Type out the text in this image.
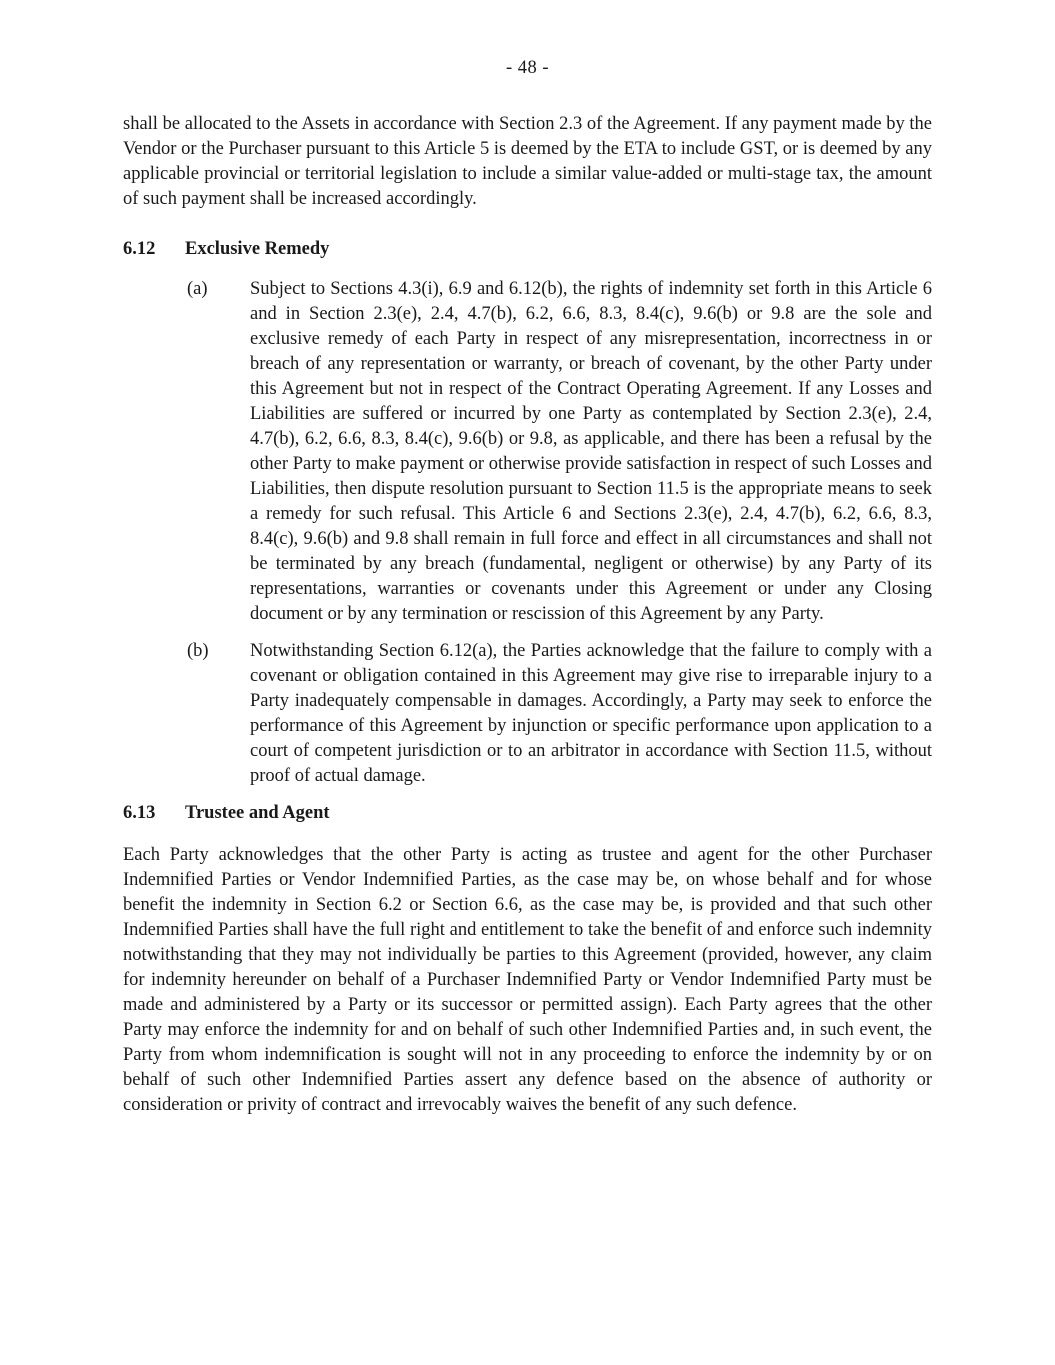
- 48 -

shall be allocated to the Assets in accordance with Section 2.3 of the Agreement. If any payment made by the Vendor or the Purchaser pursuant to this Article 5 is deemed by the ETA to include GST, or is deemed by any applicable provincial or territorial legislation to include a similar value-added or multi-stage tax, the amount of such payment shall be increased accordingly.

6.12 Exclusive Remedy
(a) Subject to Sections 4.3(i), 6.9 and 6.12(b), the rights of indemnity set forth in this Article 6 and in Section 2.3(e), 2.4, 4.7(b), 6.2, 6.6, 8.3, 8.4(c), 9.6(b) or 9.8 are the sole and exclusive remedy of each Party in respect of any misrepresentation, incorrectness in or breach of any representation or warranty, or breach of covenant, by the other Party under this Agreement but not in respect of the Contract Operating Agreement. If any Losses and Liabilities are suffered or incurred by one Party as contemplated by Section 2.3(e), 2.4, 4.7(b), 6.2, 6.6, 8.3, 8.4(c), 9.6(b) or 9.8, as applicable, and there has been a refusal by the other Party to make payment or otherwise provide satisfaction in respect of such Losses and Liabilities, then dispute resolution pursuant to Section 11.5 is the appropriate means to seek a remedy for such refusal. This Article 6 and Sections 2.3(e), 2.4, 4.7(b), 6.2, 6.6, 8.3, 8.4(c), 9.6(b) and 9.8 shall remain in full force and effect in all circumstances and shall not be terminated by any breach (fundamental, negligent or otherwise) by any Party of its representations, warranties or covenants under this Agreement or under any Closing document or by any termination or rescission of this Agreement by any Party.

(b) Notwithstanding Section 6.12(a), the Parties acknowledge that the failure to comply with a covenant or obligation contained in this Agreement may give rise to irreparable injury to a Party inadequately compensable in damages. Accordingly, a Party may seek to enforce the performance of this Agreement by injunction or specific performance upon application to a court of competent jurisdiction or to an arbitrator in accordance with Section 11.5, without proof of actual damage.

6.13 Trustee and Agent

Each Party acknowledges that the other Party is acting as trustee and agent for the other Purchaser Indemnified Parties or Vendor Indemnified Parties, as the case may be, on whose behalf and for whose benefit the indemnity in Section 6.2 or Section 6.6, as the case may be, is provided and that such other Indemnified Parties shall have the full right and entitlement to take the benefit of and enforce such indemnity notwithstanding that they may not individually be parties to this Agreement (provided, however, any claim for indemnity hereunder on behalf of a Purchaser Indemnified Party or Vendor Indemnified Party must be made and administered by a Party or its successor or permitted assign). Each Party agrees that the other Party may enforce the indemnity for and on behalf of such other Indemnified Parties and, in such event, the Party from whom indemnification is sought will not in any proceeding to enforce the indemnity by or on behalf of such other Indemnified Parties assert any defence based on the absence of authority or consideration or privity of contract and irrevocably waives the benefit of any such defence.
